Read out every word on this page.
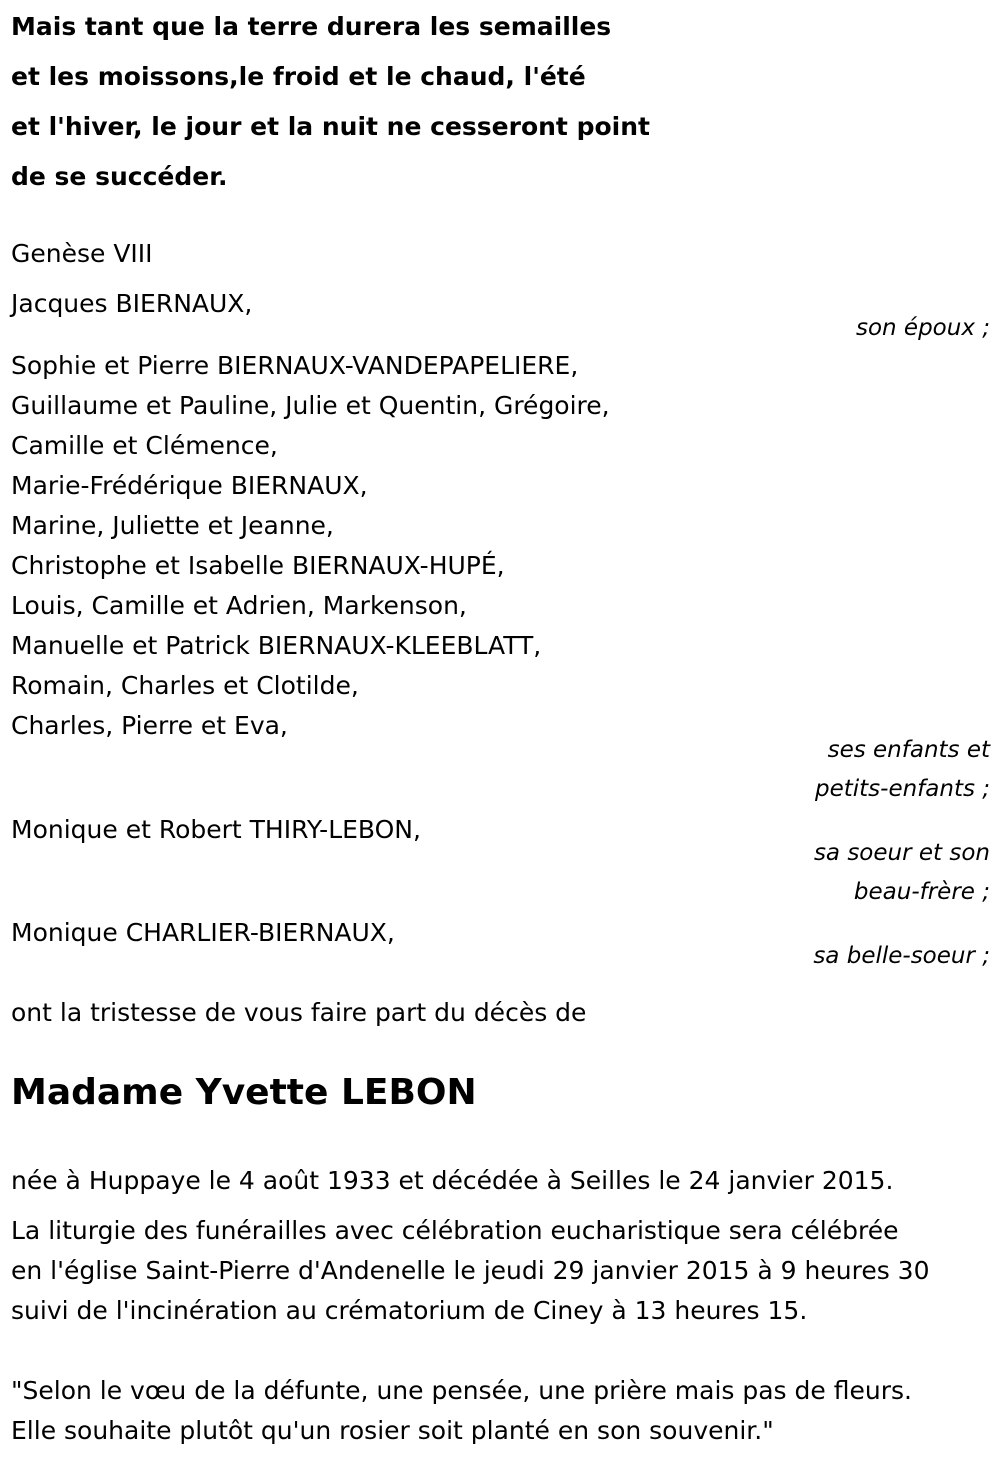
Mais tant que la terre durera les semailles
et les moissons,le froid et le chaud, l'été
et l'hiver, le jour et la nuit ne cesseront point
de se succéder.
Genèse VIII
Jacques BIERNAUX,
son époux ;
Sophie et Pierre BIERNAUX-VANDEPAPELIERE,
Guillaume et Pauline, Julie et Quentin, Grégoire,
Camille et Clémence,
Marie-Frédérique BIERNAUX,
Marine, Juliette et Jeanne,
Christophe et Isabelle BIERNAUX-HUPÉ,
Louis, Camille et Adrien, Markenson,
Manuelle et Patrick BIERNAUX-KLEEBLATT,
Romain, Charles et Clotilde,
Charles, Pierre et Eva,
ses enfants et
petits-enfants ;
Monique et Robert THIRY-LEBON,
sa soeur et son
beau-frère ;
Monique CHARLIER-BIERNAUX,
sa belle-soeur ;
ont la tristesse de vous faire part du décès de
Madame Yvette LEBON
née à Huppaye le 4 août 1933 et décédée à Seilles le 24 janvier 2015.
La liturgie des funérailles avec célébration eucharistique sera célébrée
en l'église Saint-Pierre d'Andenelle le jeudi 29 janvier 2015 à 9 heures 30
suivi de l'incinération au crématorium de Ciney à 13 heures 15.
"Selon le vœu de la défunte, une pensée, une prière mais pas de fleurs.
Elle souhaite plutôt qu'un rosier soit planté en son souvenir."
